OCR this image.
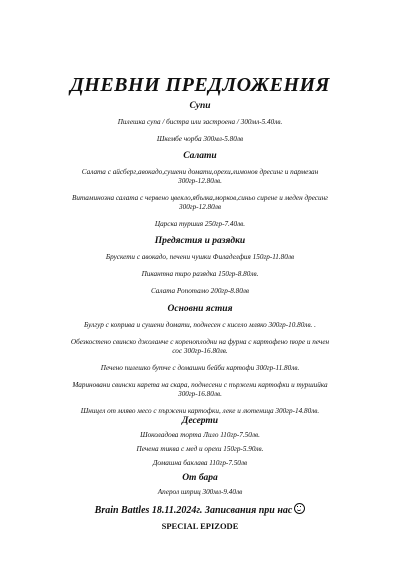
ДНЕВНИ ПРЕДЛОЖЕНИЯ
Супи
Пилешка супа / бистра или застроена / 300мл-5.40лв.
Шкембе чорба 300мл-5.80лв
Салати
Салата с айсберг,авокадо,сушени домати,орехи,лимонов дресинг и пармезан
300гр-12.80лв.
Витаминозна салата с червено цвекло,ябълка,морков,синьо сирене и меден дресинг
300гр-12.80лв
Царска туршия 250гр-7.40лв.
Предястия и разядки
Брускети с авокадо, печени чушки Филаделфия 150гр-11.80лв
Пикантна тиро разядка 150гр-8.80лв.
Салата Ропотамо 200гр-8.80лв
Основни ястия
Булгур с коприва и сушени домати, поднесен с кисело мляко 300гр-10.80лв. .
Обезкостено свинско джоланче с кореноплодни на фурна с картофено пюре и печен
сос 300гр-16.80лв.
Печено пилешко бутче с домашни бейби картофи 300гр-11.80лв.
Мариновани свински карета на скара, поднесени с пържени картофки и туршийка
300гр-16.80лв.
Шницел от млявo месо с пържени картофки, леке и лютеница 300гр-14.80лв.
Десерти
Шоколадова торта Лило 110гр-7.50лв.
Печена тиква с мед и орехи 150гр-5.90лв.
Домашна баклава 110гр-7.50лв
От бара
Аперол шприц 300мл-9.40лв
Brain Battles 18.11.2024г. Записвания при нас
SPECIAL EPIZODE
